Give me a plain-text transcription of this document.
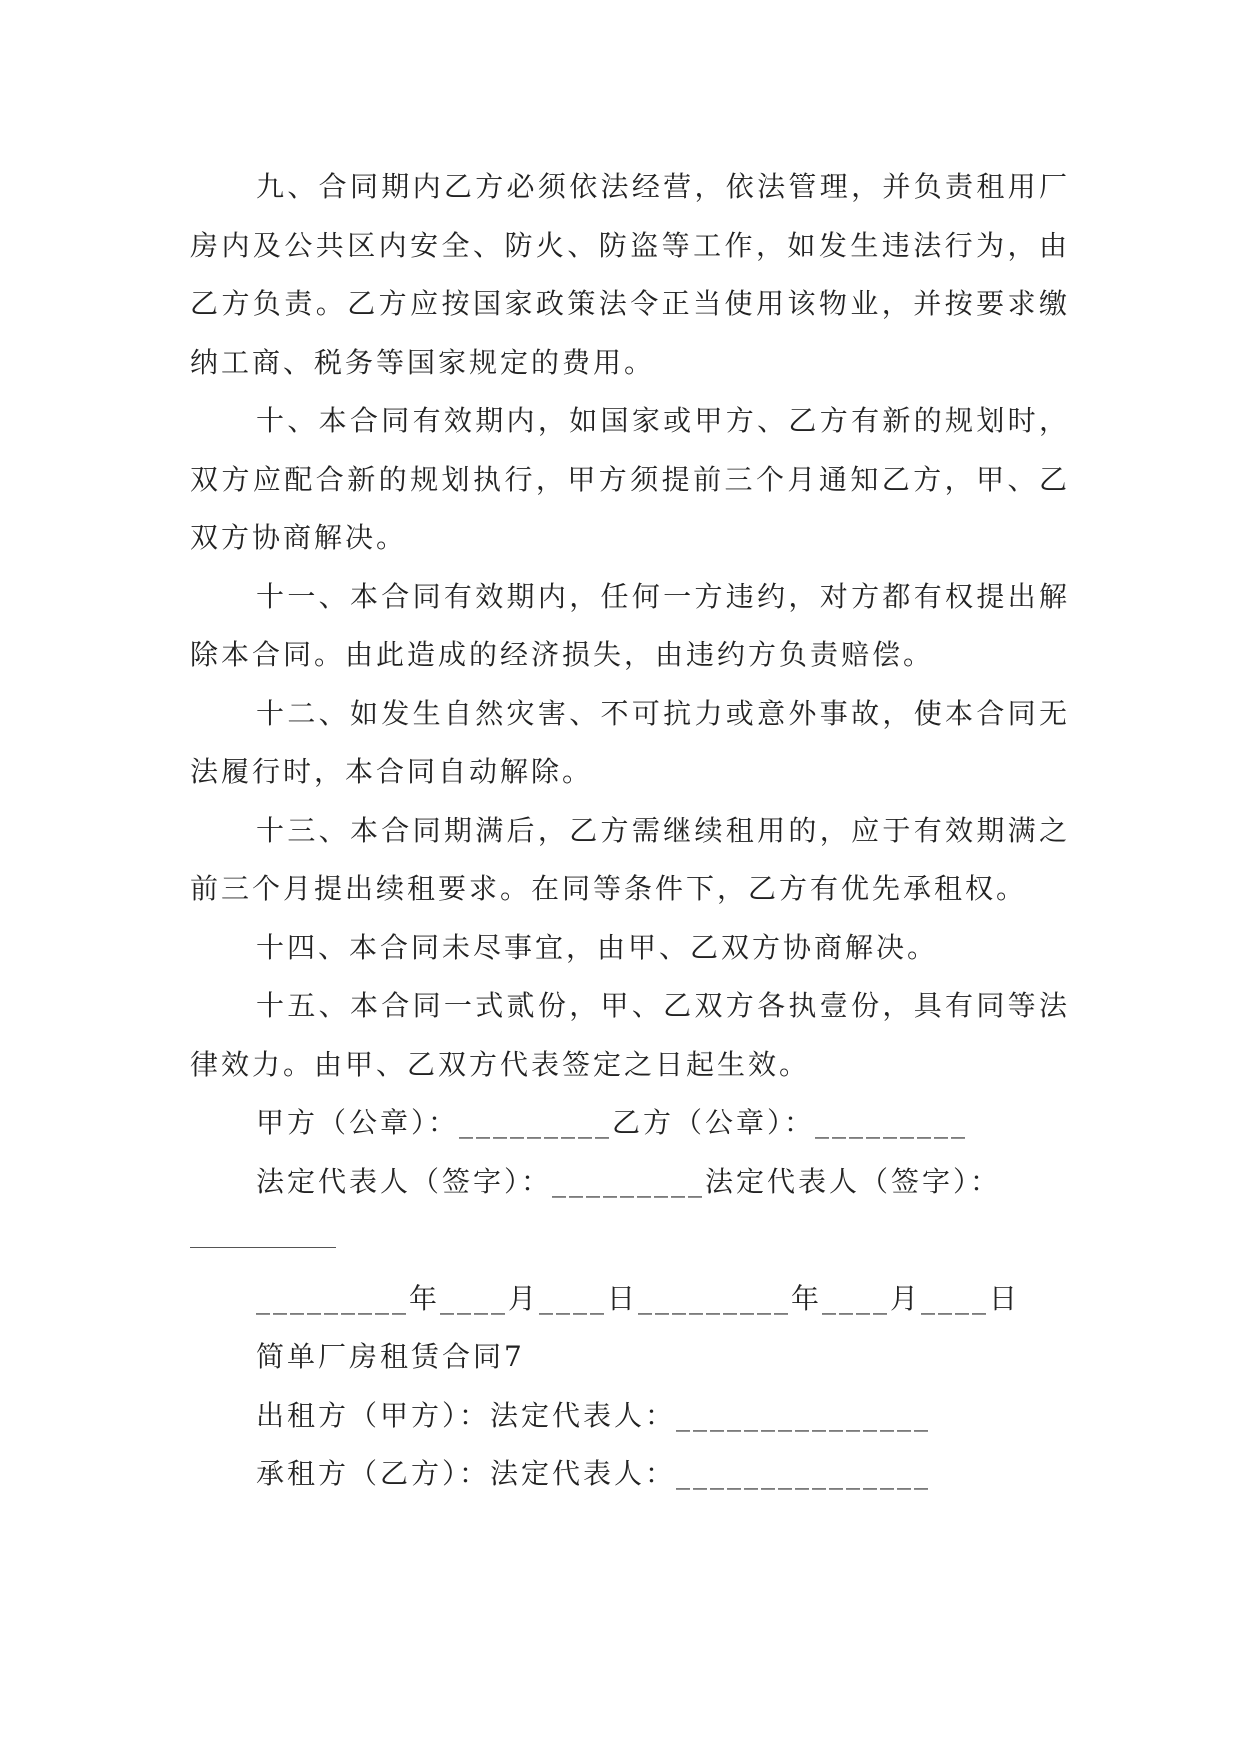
九、合同期内乙方必须依法经营，依法管理，并负责租用厂房内及公共区内安全、防火、防盗等工作，如发生违法行为，由乙方负责。乙方应按国家政策法令正当使用该物业，并按要求缴纳工商、税务等国家规定的费用。

十、本合同有效期内，如国家或甲方、乙方有新的规划时，双方应配合新的规划执行，甲方须提前三个月通知乙方，甲、乙双方协商解决。

十一、本合同有效期内，任何一方违约，对方都有权提出解除本合同。由此造成的经济损失，由违约方负责赔偿。

十二、如发生自然灾害、不可抗力或意外事故，使本合同无法履行时，本合同自动解除。

十三、本合同期满后，乙方需继续租用的，应于有效期满之前三个月提出续租要求。在同等条件下，乙方有优先承租权。

十四、本合同未尽事宜，由甲、乙双方协商解决。

十五、本合同一式贰份，甲、乙双方各执壹份，具有同等法律效力。由甲、乙双方代表签定之日起生效。

甲方（公章）：_________乙方（公章）：_________
法定代表人（签字）：_________法定代表人（签字）：
_________年____月____日_________年____月____日
简单厂房租赁合同7
出租方（甲方）：法定代表人：_______________
承租方（乙方）：法定代表人：_______________
